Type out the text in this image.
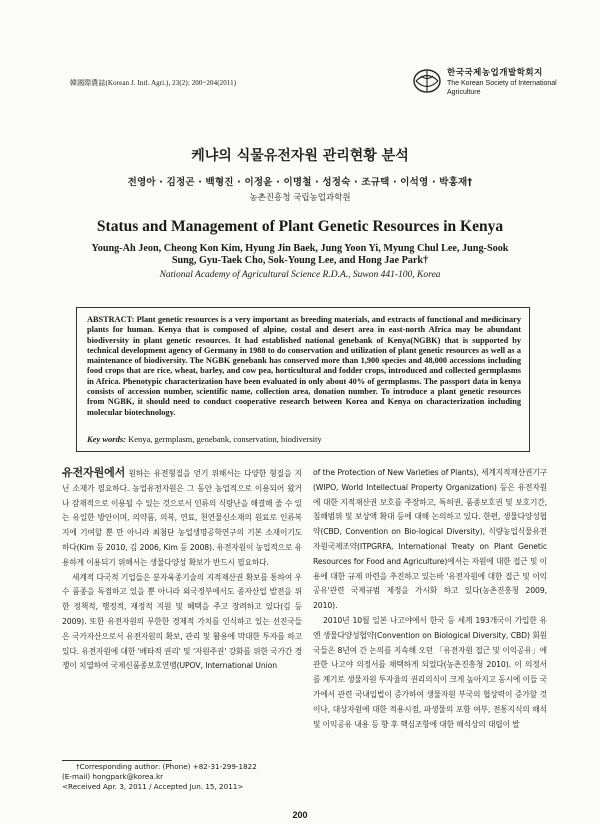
韓國際農誌(Korean J. Intl. Agri.), 23(2): 200~204(2011)
한국국제농업개발학회지
The Korean Society of International
Agriculture
케냐의 식물유전자원 관리현황 분석
전영아 · 김정곤 · 백형진 · 이정윤 · 이명철 · 성정숙 · 조규택 · 이석영 · 박홍재†
농촌진흥청 국립농업과학원
Status and Management of Plant Genetic Resources in Kenya
Young-Ah Jeon, Cheong Kon Kim, Hyung Jin Baek, Jung Yoon Yi, Myung Chul Lee, Jung-Sook Sung, Gyu-Taek Cho, Sok-Young Lee, and Hong Jae Park†
National Academy of Agricultural Science R.D.A., Suwon 441-100, Korea
ABSTRACT: Plant genetic resources is a very important as breeding materials, and extracts of functional and medicinary plants for human. Kenya that is composed of alpine, costal and desert area in east-north Africa may be abundant biodiversity in plant genetic resources. It had established national genebank of Kenya(NGBK) that is supported by technical development agency of Germany in 1988 to do conservation and utilization of plant genetic resources as well as a maintenance of biodiversity. The NGBK genebank has conserved more than 1,900 species and 48,000 accessions including food crops that are rice, wheat, barley, and cow pea, horticultural and fodder crops, introduced and collected germplasms in Africa. Phenotypic characterization have been evaluated in only about 40% of germplasms. The passport data in kenya consists of accession number, scientific name, collection area, donation number. To introduce a plant genetic resources from NGBK, it should need to conduct cooperative research between Korea and Kenya on characterization including molecular biotechnology.
Key words: Kenya, germplasm, genebank, conservation, biodiversity

유전자원에서 원하는 유전형질을 얻기 위해서는 다양한 형질을 지닌 소재가 필요하다. 농업유전자원은 그 동안 농업적으로 이용되어 왔거나 잠재적으로 이용될 수 있는 것으로서 인류의 식량난을 해결해 줄 수 있는 유일한 방안이며, 의약품, 의복, 연료, 천연물신소재의 원료로 인류복지에 기여할 뿐 만 아니라 최첨단 농업생명공학연구의 기본 소재이기도 하다(Kim 등 2010, 김 2006, Kim 등 2008). 유전자원이 농업적으로 유용하게 이용되기 위해서는 생물다양성 확보가 반드시 필요하다.

세계적 다국적 기업들은 분자육종기술의 지적재산권 확보를 통하여 우수 품종을 독점하고 있을 뿐 아니라 외국정부에서도 종자산업 발전을 위한 정책적, 행정적, 재정적 지원 및 혜택을 주고 장려하고 있다(김 등 2009). 또한 유전자원의 무한한 경제적 가치를 인식하고 있는 선진국들은 국가자산으로서 유전자원의 확보, 관리 및 활용에 막대한 투자를 하고 있다. 유전자원에 대한 '배타적 권리' 및 '자원주권' 강화를 위한 국가간 경쟁이 치열하여 국제신품종보호연맹(UPOV, International Union

of the Protection of New Varieties of Plants), 세계지적재산권기구(WIPO, World Intellectual Property Organization) 등은 유전자원에 대한 지적재산권 보호를 주장하고, 특허권, 품종보호권 및 보호기간, 침해범위 및 보상액 확대 등에 대해 논의하고 있다. 한편, 생물다양성협약(CBD, Convention on Bio-logical Diversity), 식량농업식물유전자원국제조약(ITPGRFA, International Treaty on Plant Genetic Resources for Food and Agriculture)에서는 자원에 대한 접근 및 이용에 대한 규제 마련을 추진하고 있는바 '유전자원에 대한 접근 및 이익공유'관련 국제규범 제정을 가시화 하고 있다(농촌진흥청 2009, 2010).

2010년 10월 일본 나고야에서 한국 등 세계 193개국이 가입한 유엔 생물다양성협약(Convention on Biological Diversity, CBD) 회원국들은 8년여 간 논의를 지속해 오던 「유전자원 접근 및 이익공유」에 관한 나고야 의정서를 채택하게 되었다(농촌진흥청 2010). 이 의정서를 계기로 생물자원 투자율의 권리의식이 크게 높아지고 동시에 이들 국가에서 관련 국내입법이 증가하여 생물자원 부국의 협상력이 증가할 것이나, 대상자원에 대한 적용시점, 파생물의 포함 여부, 전통지식의 해석 및 이익공유 내용 등 향 후 핵심조항에 대한 해석상의 대립이 발

†Corresponding author: (Phone) +82-31-299-1822

(E-mail) hongpark@korea.kr

<Received Apr. 3, 2011 / Accepted Jun. 15, 2011>

200
